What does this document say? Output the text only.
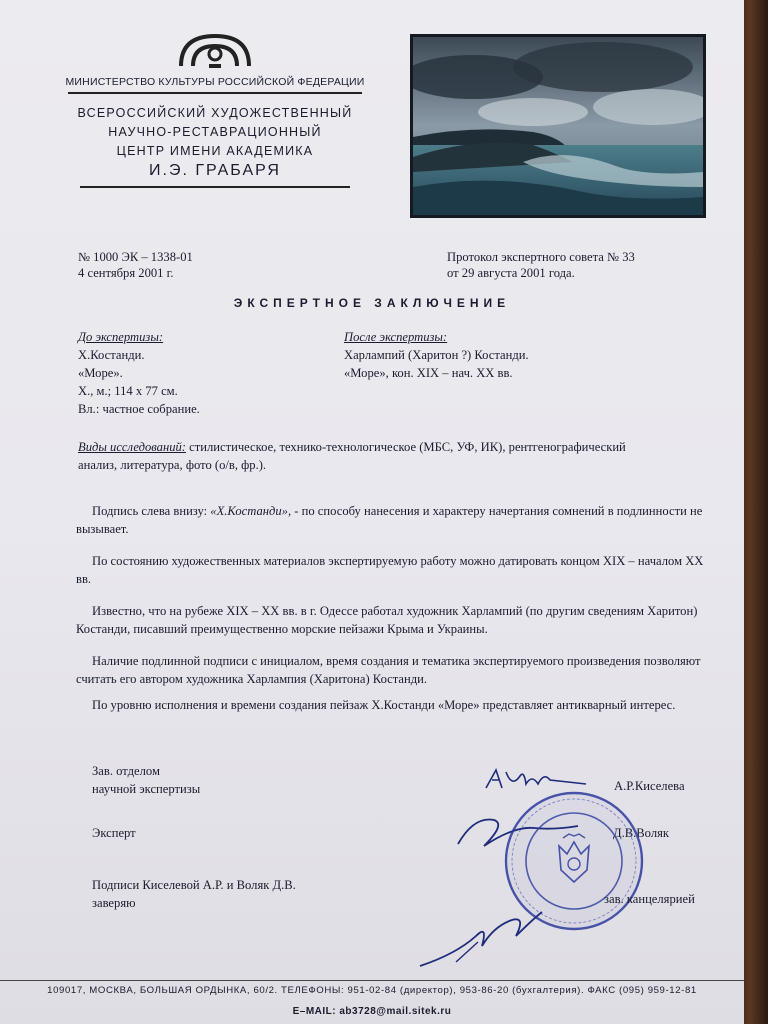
МИНИСТЕРСТВО КУЛЬТУРЫ РОССИЙСКОЙ ФЕДЕРАЦИИ
ВСЕРОССИЙСКИЙ ХУДОЖЕСТВЕННЫЙ
НАУЧНО-РЕСТАВРАЦИОННЫЙ
ЦЕНТР ИМЕНИ АКАДЕМИКА
И.Э. ГРАБАРЯ
№ 1000 ЭК – 1338-01
4 сентября 2001 г.
Протокол экспертного совета № 33
от 29 августа 2001 года.
ЭКСПЕРТНОЕ ЗАКЛЮЧЕНИЕ
До экспертизы:
Х.Костанди.
«Море».
Х., м.; 114 х 77 см.
Вл.: частное собрание.
После экспертизы:
Харлампий (Харитон ?) Костанди.
«Море», кон. XIX – нач. XX вв.
Виды исследований: стилистическое, технико-технологическое (МБС, УФ, ИК), рентгенографический
анализ, литература, фото (о/в, фр.).

Подпись слева внизу: «Х.Костанди», - по способу нанесения и характеру начертания сомнений в подлинности не вызывает.

По состоянию художественных материалов экспертируемую работу можно датировать концом XIX – началом XX вв.

Известно, что на рубеже XIX – XX вв. в г. Одессе работал художник Харлампий (по другим сведениям Харитон) Костанди, писавший преимущественно морские пейзажи Крыма и Украины.

Наличие подлинной подписи с инициалом, время создания и тематика экспертируемого произведения позволяют считать его автором художника Харлампия (Харитона) Костанди.

По уровню исполнения и времени создания пейзаж Х.Костанди «Море» представляет антикварный интерес.

Зав. отделом
научной экспертизы	А.Р.Киселева
Эксперт	Д.В.Воляк
Подписи Киселевой А.Р. и Воляк Д.В.
заверяю	зав. канцелярией
109017, МОСКВА, БОЛЬШАЯ ОРДЫНКА, 60/2. ТЕЛЕФОНЫ: 951-02-84 (директор), 953-86-20 (бухгалтерия). ФАКС (095) 959-12-81
E–MAIL: ab3728@mail.sitek.ru
